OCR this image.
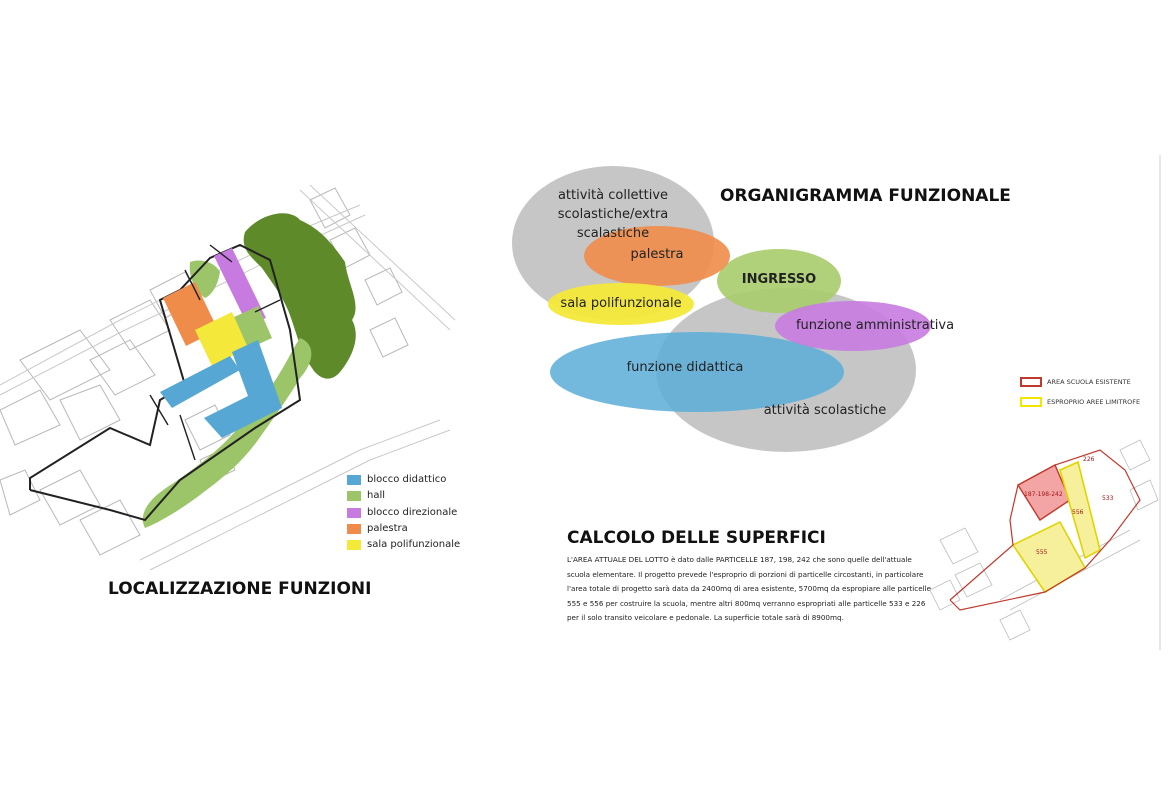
blocco didattico
hall
blocco direzionale
palestra
sala polifunzionale
LOCALIZZAZIONE FUNZIONI
ORGANIGRAMMA FUNZIONALE
attività collettive
scolastiche/extra scalastiche
palestra
INGRESSO
sala polifunzionale
funzione amministrativa
funzione didattica
attività scolastiche
CALCOLO DELLE SUPERFICI
L'AREA ATTUALE DEL LOTTO è dato dalle PARTICELLE 187, 198, 242 che sono quelle dell'attuale
scuola elementare. Il progetto prevede l'esproprio di porzioni di particelle circostanti, in particolare
l'area totale di progetto sarà data da 2400mq di area esistente, 5700mq da espropiare alle particelle
555 e 556 per costruire la scuola, mentre altri 800mq verranno espropriati alle particelle 533 e 226
per il solo transito veicolare e pedonale. La superficie totale sarà di 8900mq.
AREA SCUOLA ESISTENTE
ESPROPRIO AREE LIMITROFE
226
187-198-242
533
556
555
